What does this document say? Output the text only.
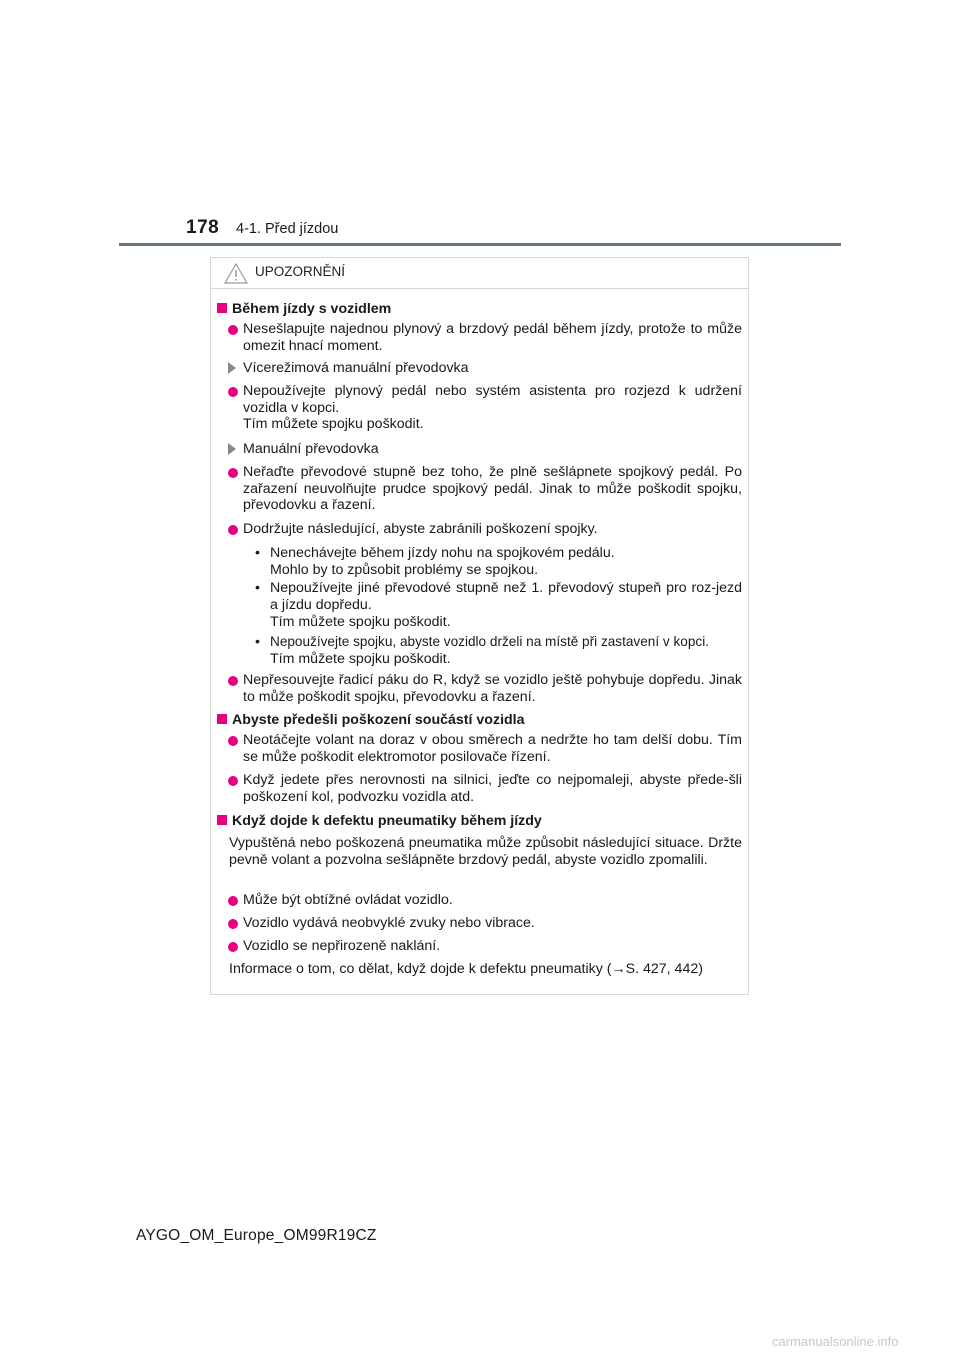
178 4-1. Před jízdou
UPOZORNĚNÍ
Během jízdy s vozidlem
Nesešlapujte najednou plynový a brzdový pedál během jízdy, protože to může omezit hnací moment.
Vícerežimová manuální převodovka
Nepoužívejte plynový pedál nebo systém asistenta pro rozjezd k udržení vozidla v kopci.
Tím můžete spojku poškodit.
Manuální převodovka
Neřaďte převodové stupně bez toho, že plně sešlápnete spojkový pedál. Po zařazení neuvolňujte prudce spojkový pedál. Jinak to může poškodit spojku, převodovku a řazení.
Dodržujte následující, abyste zabránili poškození spojky.
• Nenechávejte během jízdy nohu na spojkovém pedálu.
Mohlo by to způsobit problémy se spojkou.
• Nepoužívejte jiné převodové stupně než 1. převodový stupeň pro roz-jezd a jízdu dopředu.
Tím můžete spojku poškodit.
• Nepoužívejte spojku, abyste vozidlo drželi na místě při zastavení v kopci.
Tím můžete spojku poškodit.
Nepřesouvejte řadicí páku do R, když se vozidlo ještě pohybuje dopředu. Jinak to může poškodit spojku, převodovku a řazení.
Abyste předešli poškození součástí vozidla
Neotáčejte volant na doraz v obou směrech a nedržte ho tam delší dobu. Tím se může poškodit elektromotor posilovače řízení.
Když jedete přes nerovnosti na silnici, jeďte co nejpomaleji, abyste přede-šli poškození kol, podvozku vozidla atd.
Když dojde k defektu pneumatiky během jízdy
Vypuštěná nebo poškozená pneumatika může způsobit následující situace. Držte pevně volant a pozvolna sešlápněte brzdový pedál, abyste vozidlo zpomalili.
Může být obtížné ovládat vozidlo.
Vozidlo vydává neobvyklé zvuky nebo vibrace.
Vozidlo se nepřirozeně naklání.
Informace o tom, co dělat, když dojde k defektu pneumatiky (→S. 427, 442)
AYGO_OM_Europe_OM99R19CZ
carmanualsonline.info
